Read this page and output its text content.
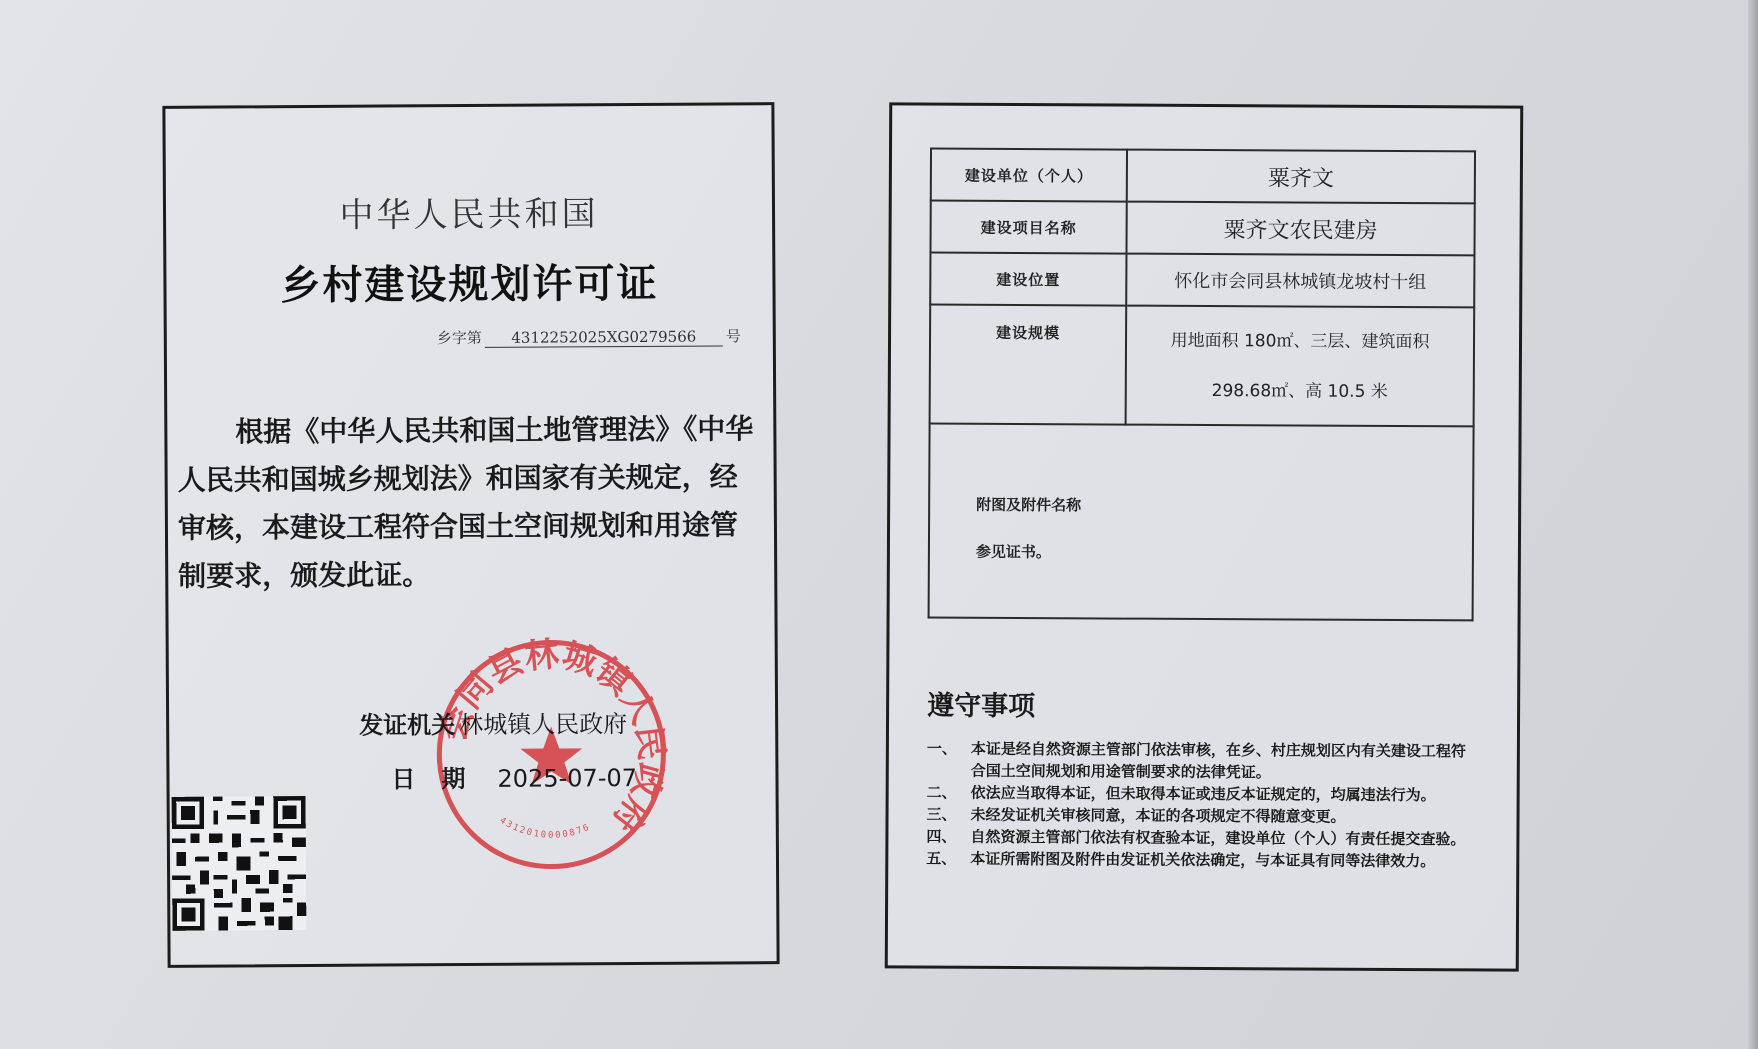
中华人民共和国
乡村建设规划许可证
乡字第 4312252025XG0279566 号
根据《中华人民共和国土地管理法》《中华人民共和国城乡规划法》和国家有关规定，经审核，本建设工程符合国土空间规划和用途管制要求，颁发此证。
会同县林城镇人民政府
4312010000876
发证机关 林城镇人民政府
日期 2025-07-07
建设单位（个人）	粟齐文
建设项目名称	粟齐文农民建房
建设位置	怀化市会同县林城镇龙坡村十组
建设规模	用地面积 180㎡、三层、建筑面积
298.68㎡、高 10.5 米

附图及附件名称
参见证书。	
遵守事项
一、 本证是经自然资源主管部门依法审核，在乡、村庄规划区内有关建设工程符合国土空间规划和用途管制要求的法律凭证。
二、 依法应当取得本证，但未取得本证或违反本证规定的，均属违法行为。
三、 未经发证机关审核同意，本证的各项规定不得随意变更。
四、 自然资源主管部门依法有权查验本证，建设单位（个人）有责任提交查验。
五、 本证所需附图及附件由发证机关依法确定，与本证具有同等法律效力。
